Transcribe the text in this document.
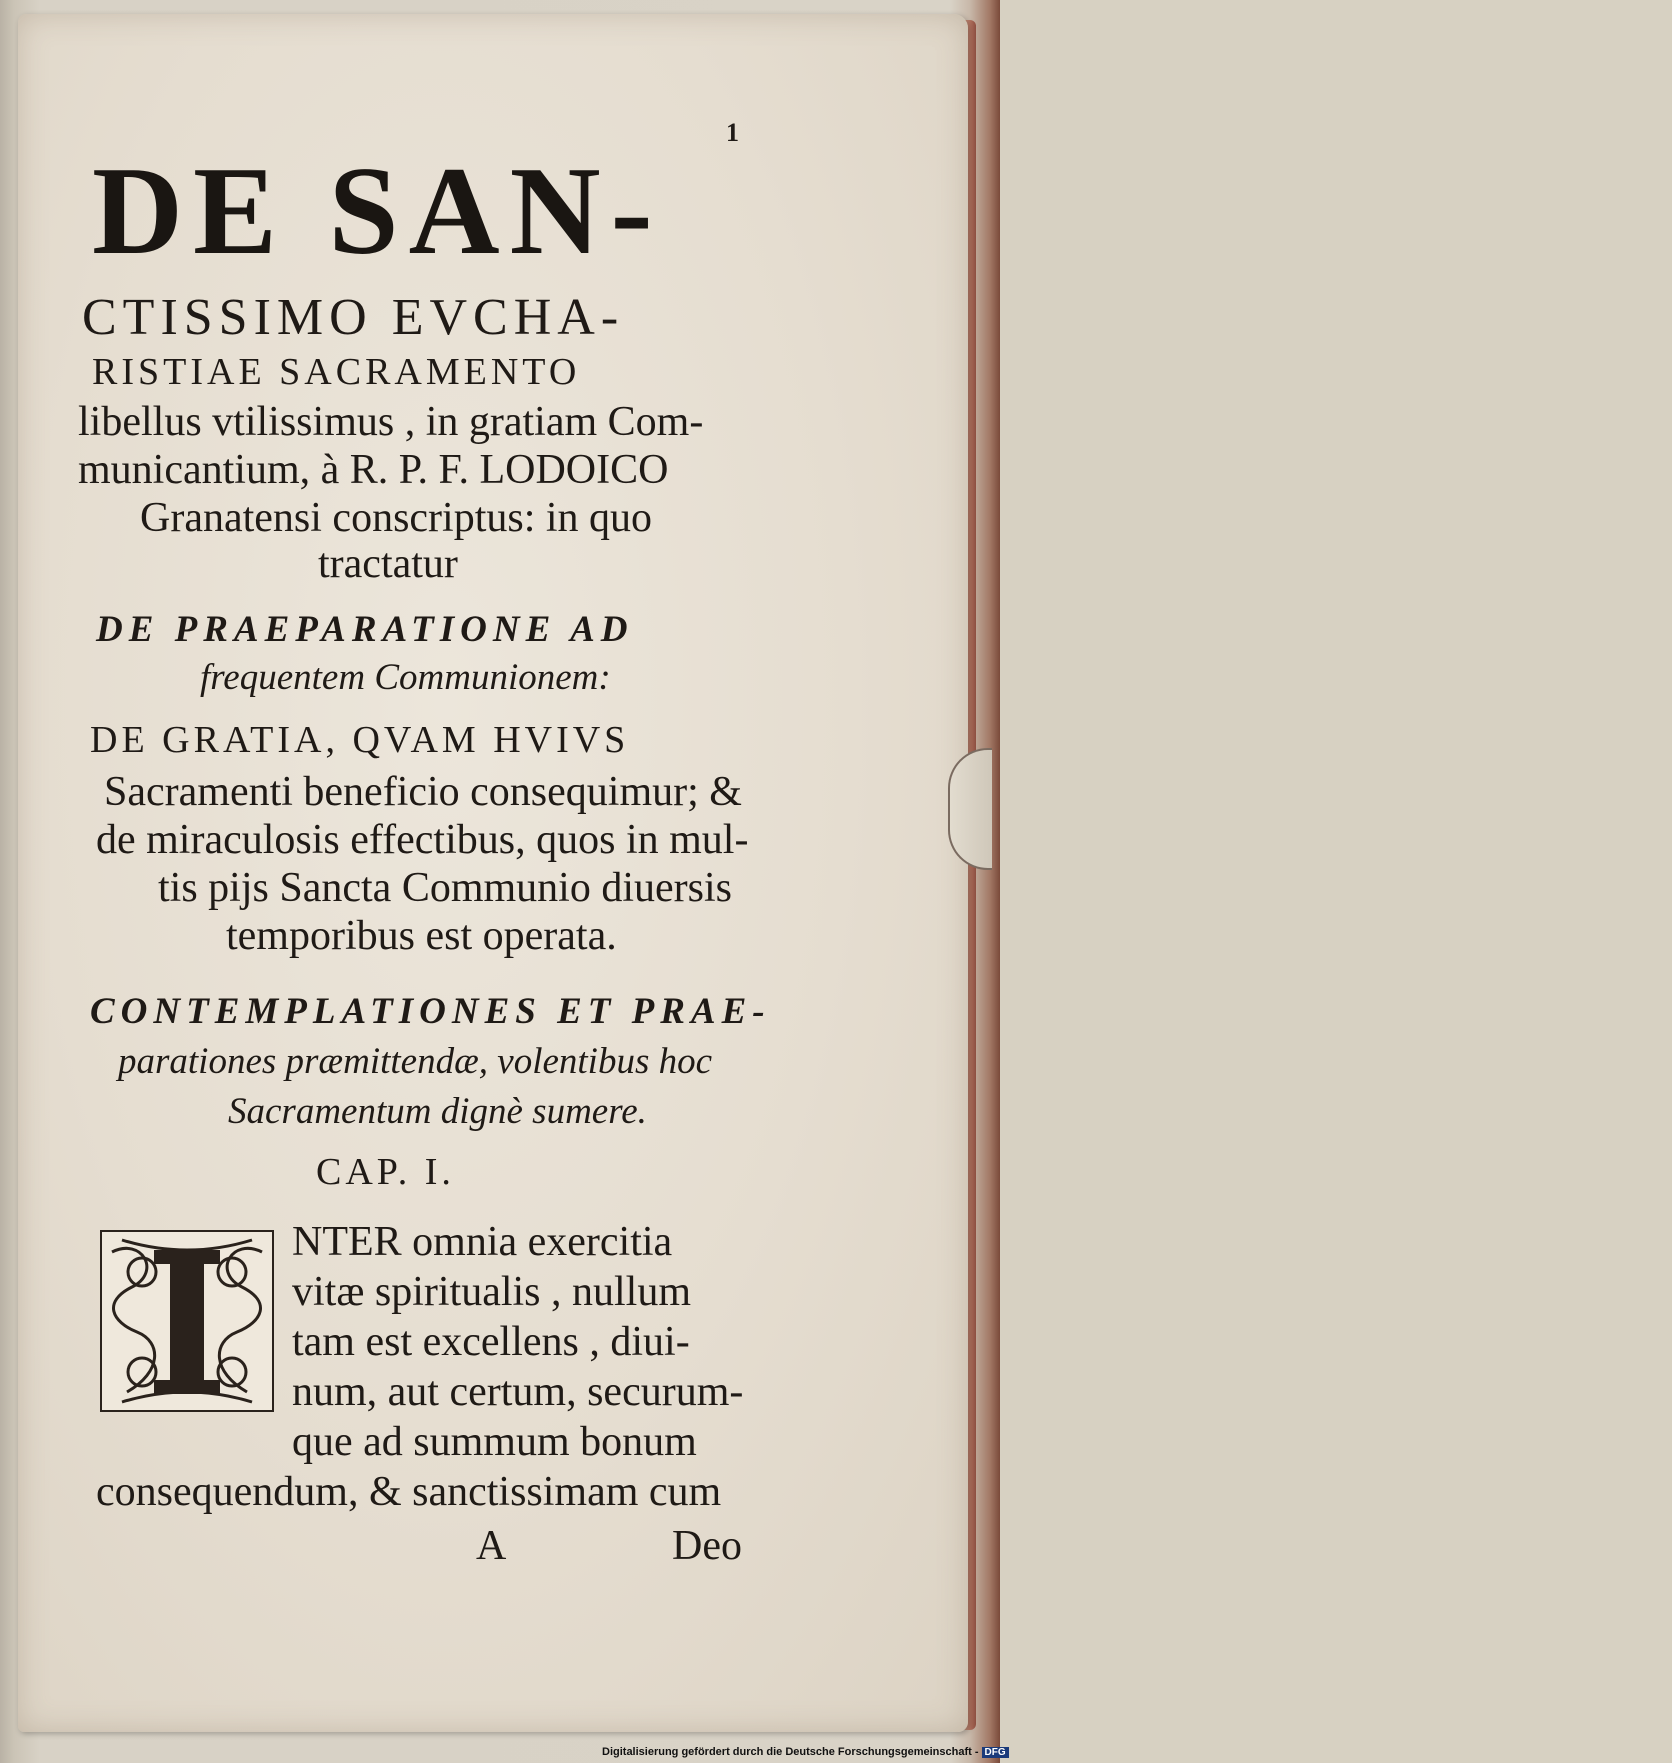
1
DE SAN-
CTISSIMO EVCHA-
RISTIAE SACRAMENTO
libellus vtilissimus , in gratiam Com-
municantium, à R. P. F. LODOICO
Granatensi conscriptus: in quo
tractatur
DE PRAEPARATIONE AD
frequentem Communionem:
DE GRATIA, QVAM HVIVS
Sacramenti beneficio consequimur; &
de miraculosis effectibus, quos in mul-
tis pijs Sancta Communio diuersis
temporibus est operata.
CONTEMPLATIONES ET PRAE-
parationes præmittendæ, volentibus hoc
Sacramentum dignè sumere.
CAP. I.
NTER omnia exercitia
vitæ spiritualis , nullum
tam est excellens , diui-
num, aut certum, securum-
que ad summum bonum
consequendum, & sanctissimam cum
A	Deo
Digitalisierung gefördert durch die Deutsche Forschungsgemeinschaft - DFG
